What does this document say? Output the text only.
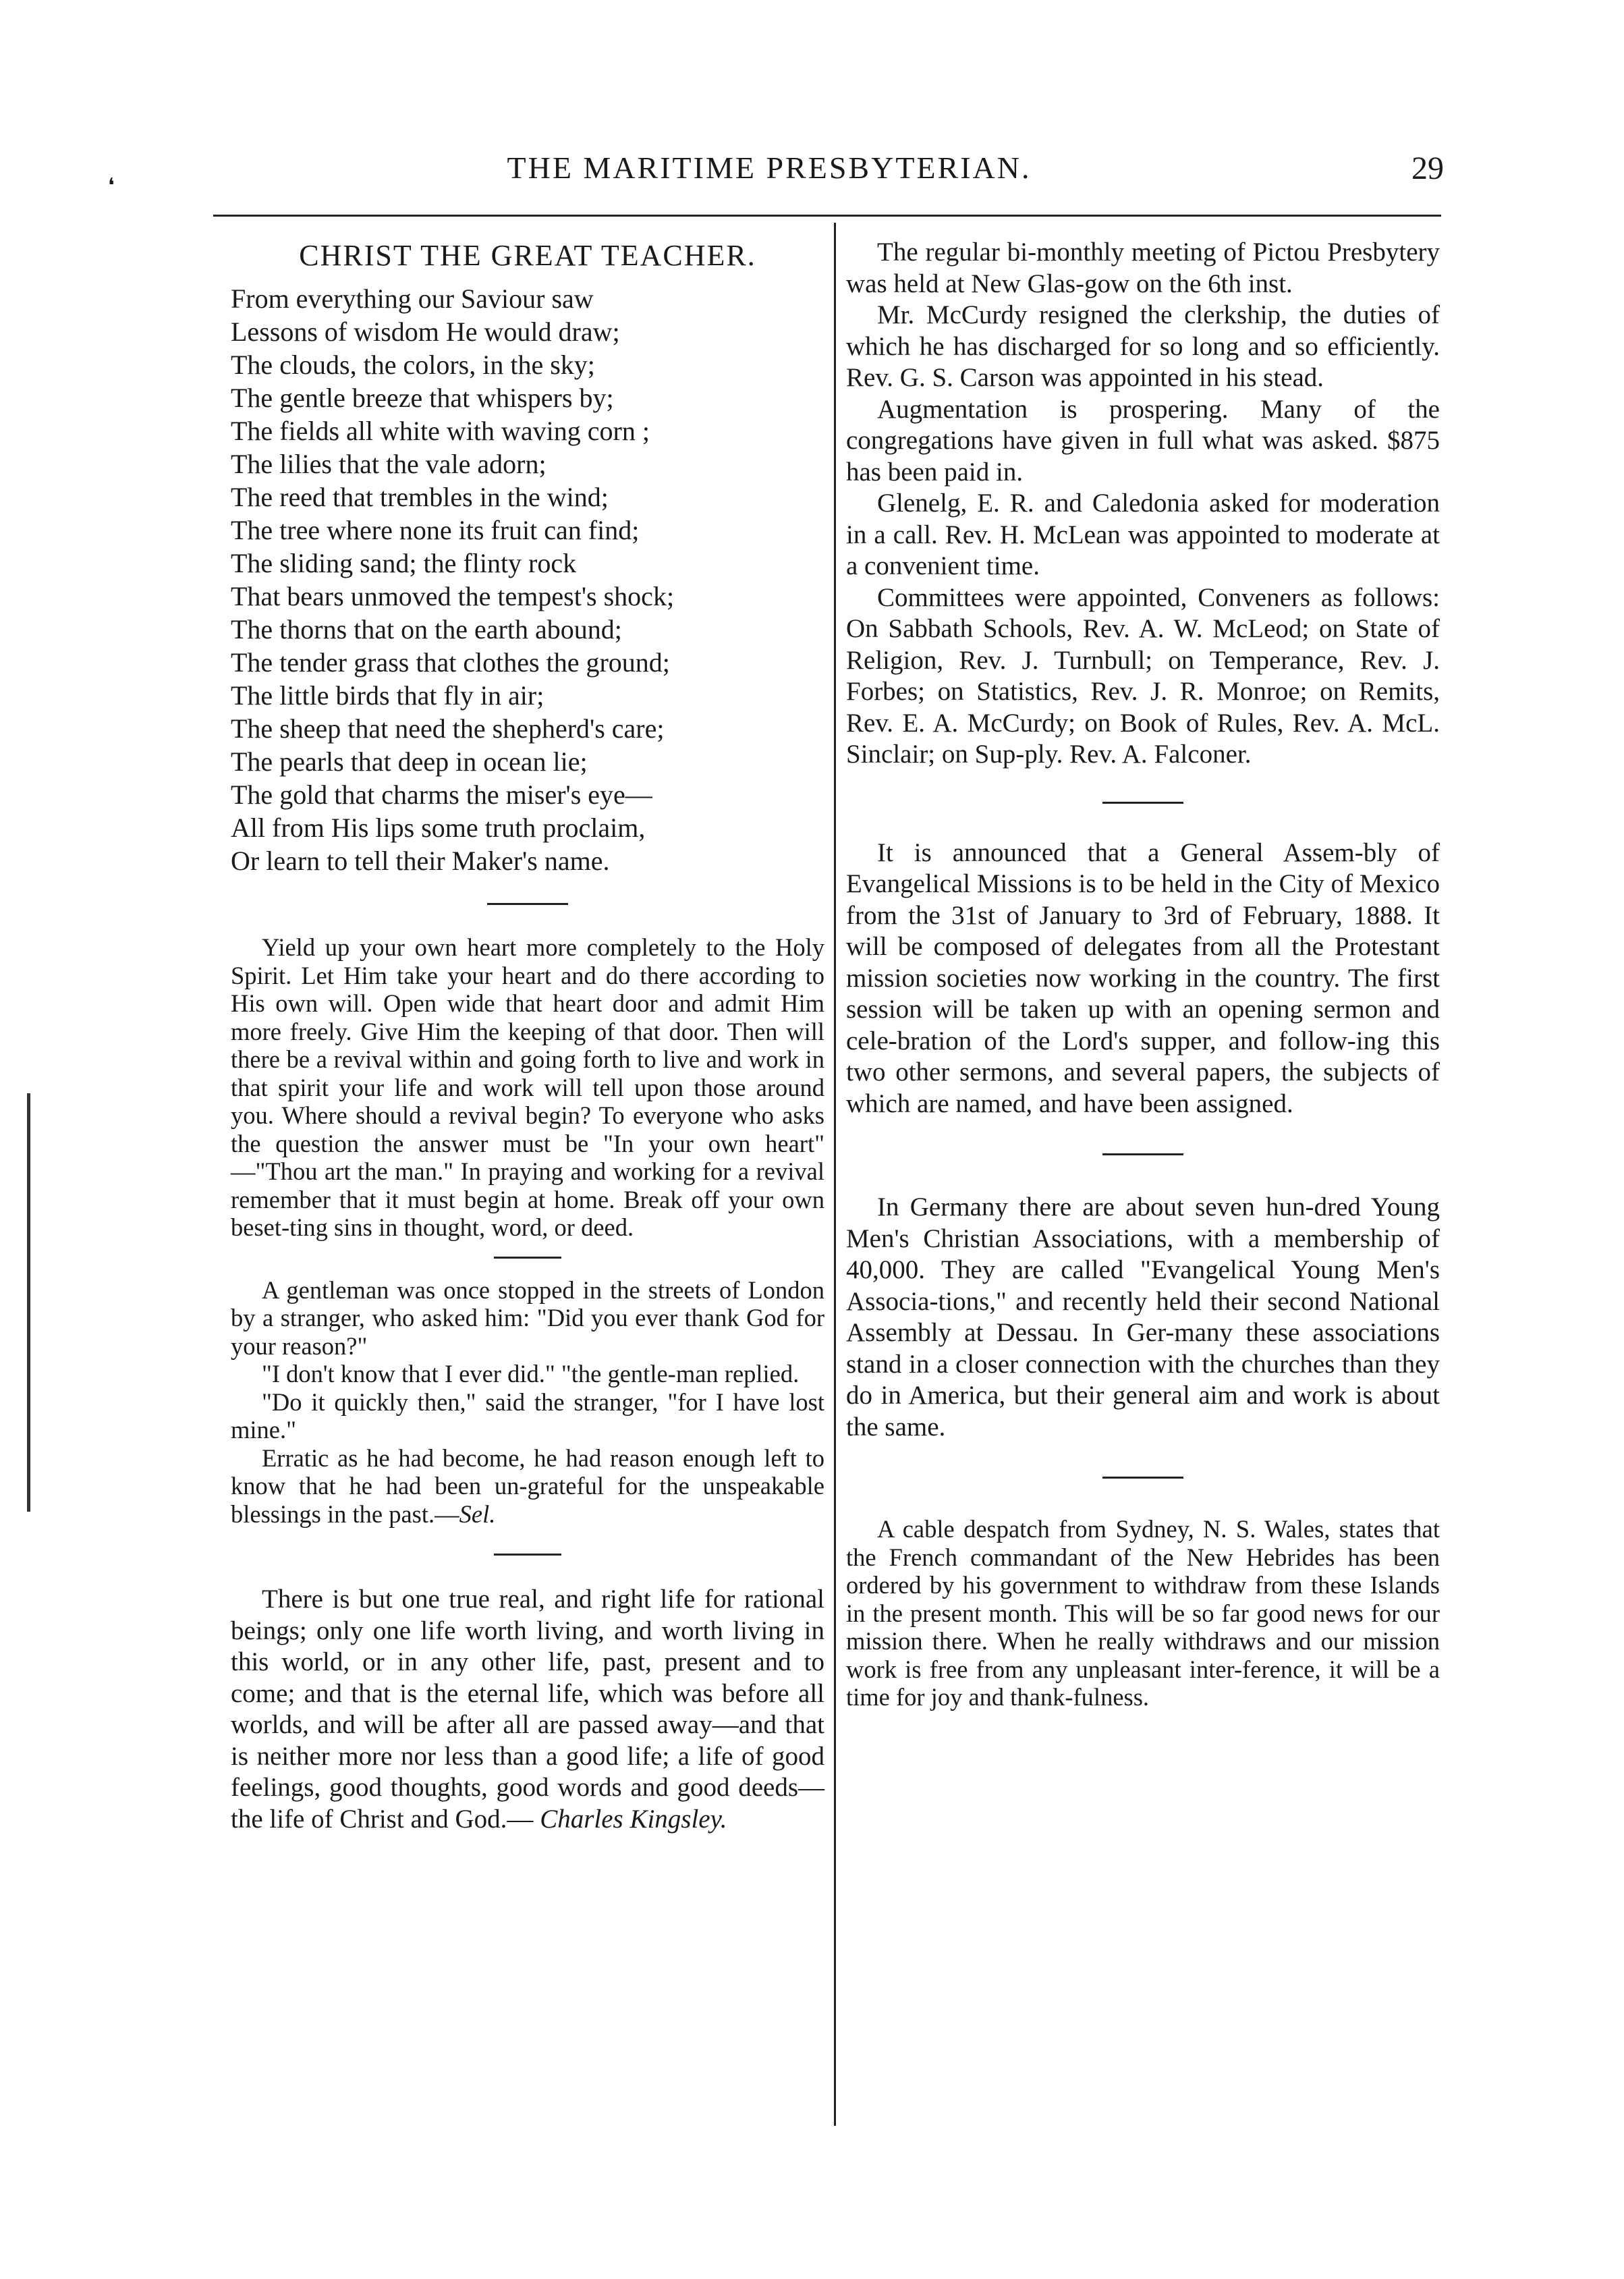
❛
THE MARITIME PRESBYTERIAN.	29
CHRIST THE GREAT TEACHER.
From everything our Saviour saw
Lessons of wisdom He would draw;
The clouds, the colors, in the sky;
The gentle breeze that whispers by;
The fields all white with waving corn ;
The lilies that the vale adorn;
The reed that trembles in the wind;
The tree where none its fruit can find;
The sliding sand; the flinty rock
That bears unmoved the tempest's shock;
The thorns that on the earth abound;
The tender grass that clothes the ground;
The little birds that fly in air;
The sheep that need the shepherd's care;
The pearls that deep in ocean lie;
The gold that charms the miser's eye—
All from His lips some truth proclaim,
Or learn to tell their Maker's name.

Yield up your own heart more completely to the Holy Spirit. Let Him take your heart and do there according to His own will. Open wide that heart door and admit Him more freely. Give Him the keeping of that door. Then will there be a revival within and going forth to live and work in that spirit your life and work will tell upon those around you. Where should a revival begin? To everyone who asks the question the answer must be "In your own heart" —"Thou art the man." In praying and working for a revival remember that it must begin at home. Break off your own beset-ting sins in thought, word, or deed.

A gentleman was once stopped in the streets of London by a stranger, who asked him: "Did you ever thank God for your reason?"

"I don't know that I ever did." "the gentle-man replied.

"Do it quickly then," said the stranger, "for I have lost mine."

Erratic as he had become, he had reason enough left to know that he had been un-grateful for the unspeakable blessings in the past.—Sel.

There is but one true real, and right life for rational beings; only one life worth living, and worth living in this world, or in any other life, past, present and to come; and that is the eternal life, which was before all worlds, and will be after all are passed away—and that is neither more nor less than a good life; a life of good feelings, good thoughts, good words and good deeds—the life of Christ and God.— Charles Kingsley.

The regular bi-monthly meeting of Pictou Presbytery was held at New Glas-gow on the 6th inst.

Mr. McCurdy resigned the clerkship, the duties of which he has discharged for so long and so efficiently. Rev. G. S. Carson was appointed in his stead.

Augmentation is prospering. Many of the congregations have given in full what was asked. $875 has been paid in.

Glenelg, E. R. and Caledonia asked for moderation in a call. Rev. H. McLean was appointed to moderate at a convenient time.

Committees were appointed, Conveners as follows: On Sabbath Schools, Rev. A. W. McLeod; on State of Religion, Rev. J. Turnbull; on Temperance, Rev. J. Forbes; on Statistics, Rev. J. R. Monroe; on Remits, Rev. E. A. McCurdy; on Book of Rules, Rev. A. McL. Sinclair; on Sup-ply. Rev. A. Falconer.

It is announced that a General Assem-bly of Evangelical Missions is to be held in the City of Mexico from the 31st of January to 3rd of February, 1888. It will be composed of delegates from all the Protestant mission societies now working in the country. The first session will be taken up with an opening sermon and cele-bration of the Lord's supper, and follow-ing this two other sermons, and several papers, the subjects of which are named, and have been assigned.

In Germany there are about seven hun-dred Young Men's Christian Associations, with a membership of 40,000. They are called "Evangelical Young Men's Associa-tions," and recently held their second National Assembly at Dessau. In Ger-many these associations stand in a closer connection with the churches than they do in America, but their general aim and work is about the same.

A cable despatch from Sydney, N. S. Wales, states that the French commandant of the New Hebrides has been ordered by his government to withdraw from these Islands in the present month. This will be so far good news for our mission there. When he really withdraws and our mission work is free from any unpleasant inter-ference, it will be a time for joy and thank-fulness.
